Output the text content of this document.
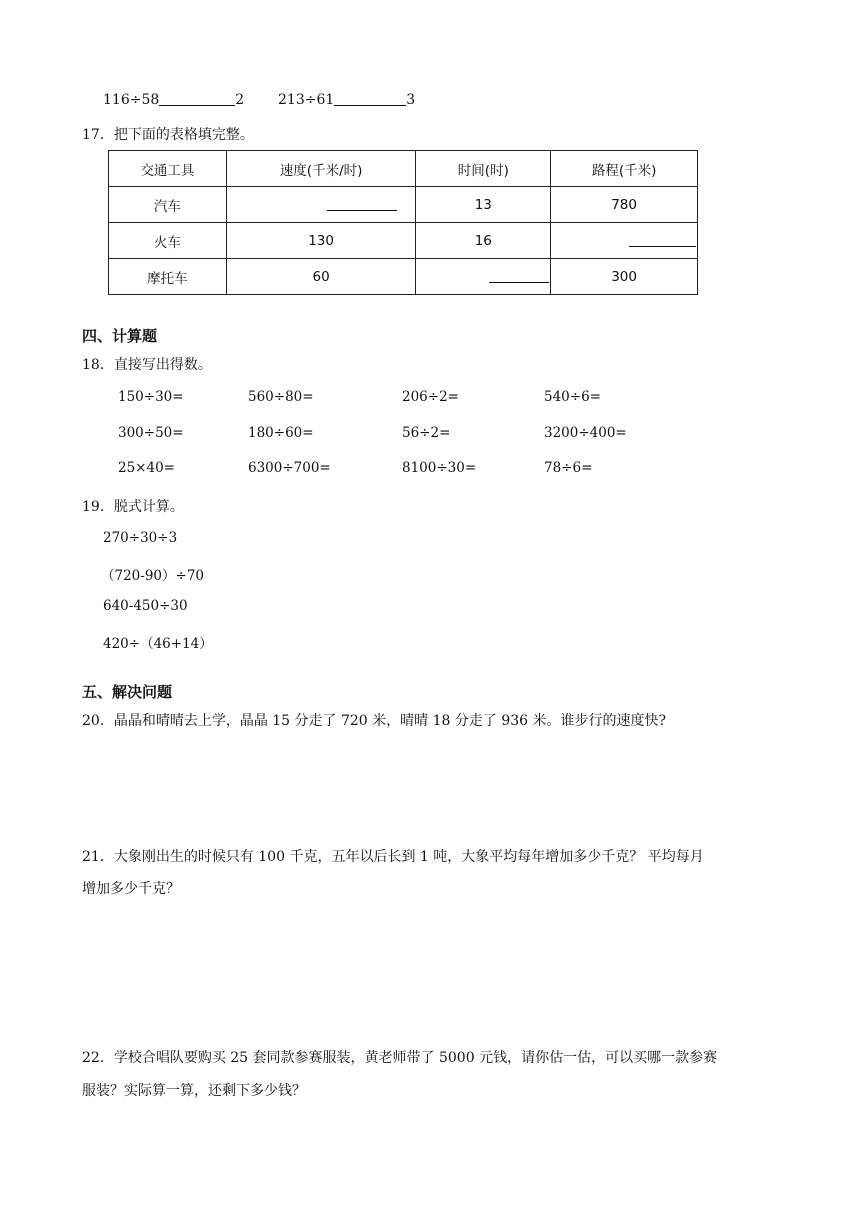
116÷58	2 213÷61	3
17．把下面的表格填完整。
交通工具	速度(千米/时)	时间(时)	路程(千米)
汽车		13	780
火车	130	16	

摩托车	60		300
四、计算题
18．直接写出得数。
150÷30=	560÷80=	206÷2=	540÷6=
300÷50=	180÷60=	56÷2=	3200÷400=
25×40=	6300÷700=	8100÷30=	78÷6=
19．脱式计算。
270÷30÷3
（720-90）÷70
640-450÷30
420÷（46+14）
五、解决问题
20．晶晶和晴晴去上学，晶晶 15 分走了 720 米，晴晴 18 分走了 936 米。谁步行的速度快?
21．大象刚出生的时候只有 100 千克，五年以后长到 1 吨，大象平均每年增加多少千克？ 平均每月
增加多少千克？
22．学校合唱队要购买 25 套同款参赛服装，黄老师带了 5000 元钱，请你估一估，可以买哪一款参赛
服装？实际算一算，还剩下多少钱？
